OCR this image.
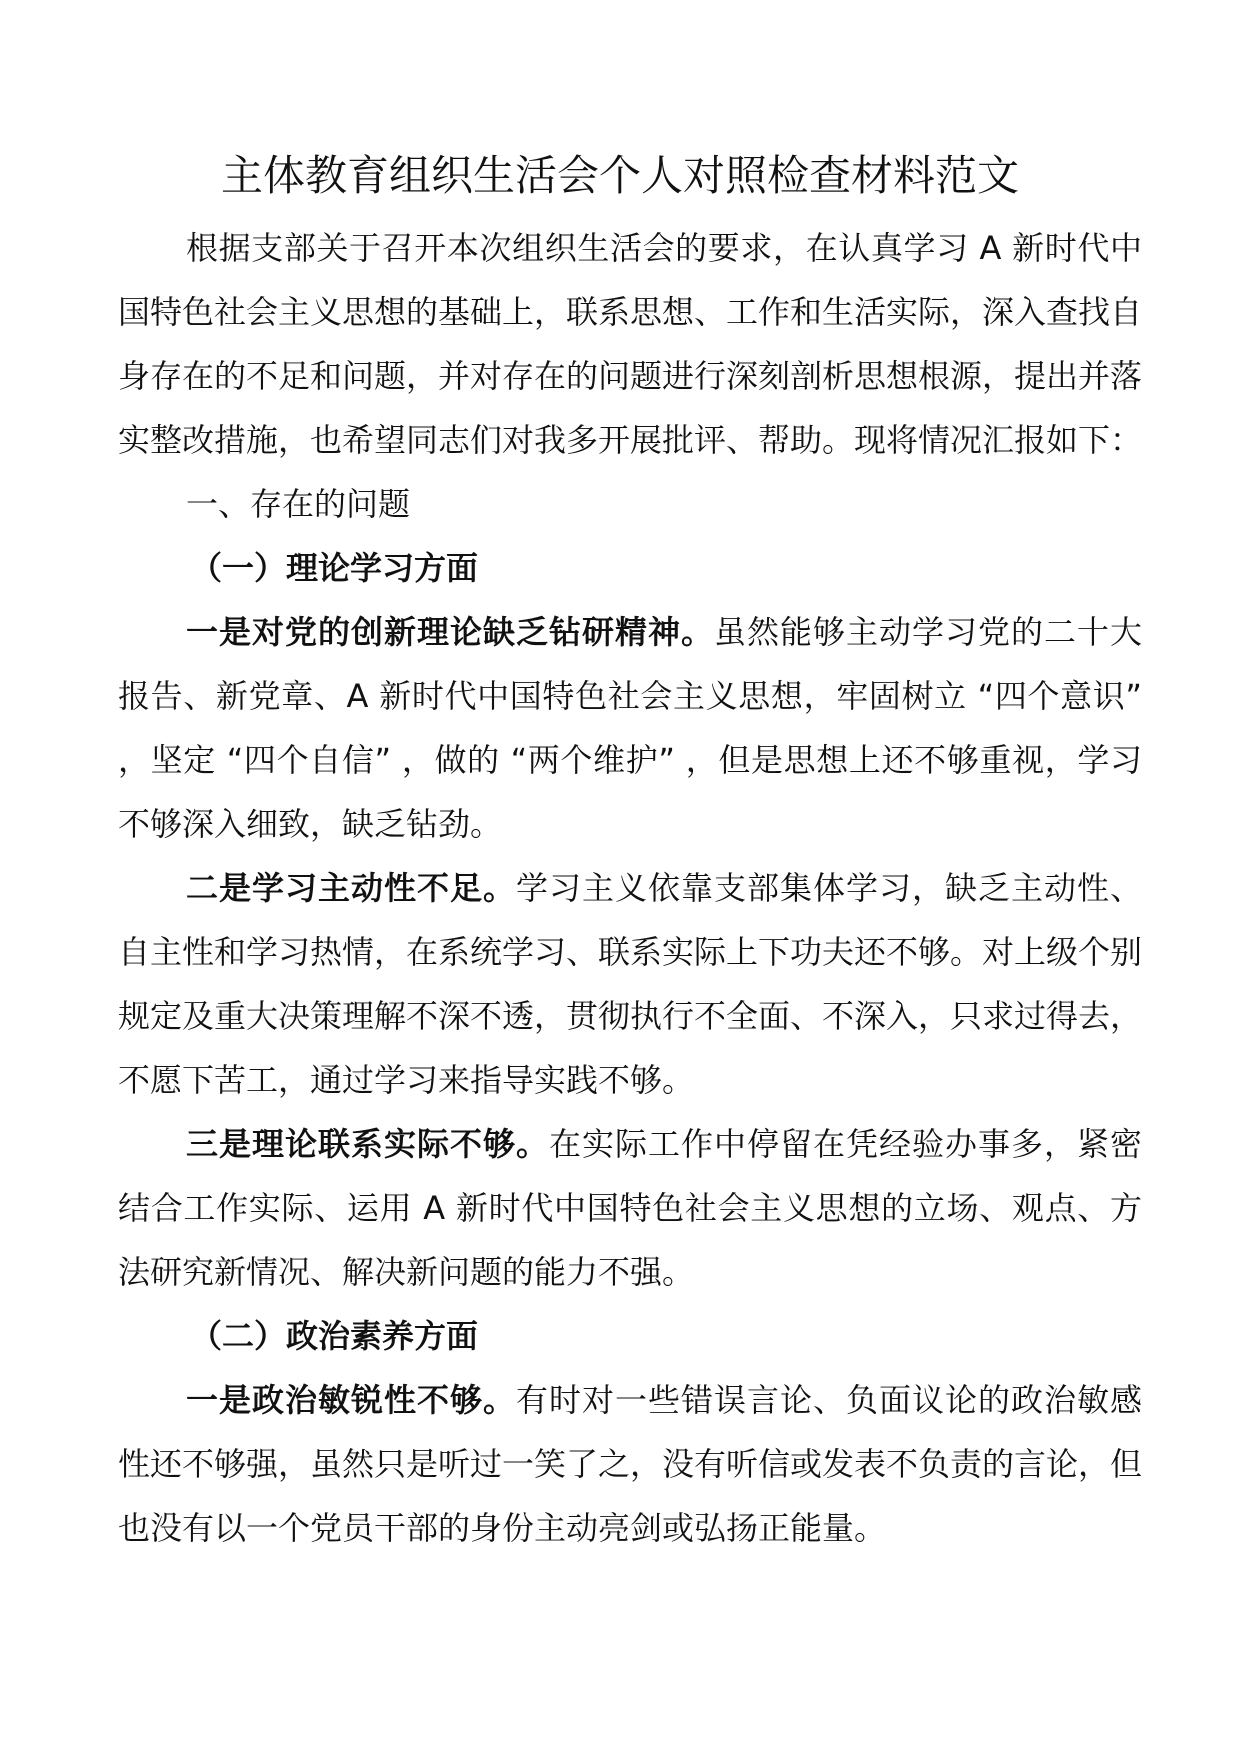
主体教育组织生活会个人对照检查材料范文

根据支部关于召开本次组织生活会的要求，在认真学习 A 新时代中国特色社会主义思想的基础上，联系思想、工作和生活实际，深入查找自身存在的不足和问题，并对存在的问题进行深刻剖析思想根源，提出并落实整改措施，也希望同志们对我多开展批评、帮助。现将情况汇报如下：

一、存在的问题

（一）理论学习方面

一是对党的创新理论缺乏钻研精神。虽然能够主动学习党的二十大报告、新党章、A 新时代中国特色社会主义思想，牢固树立 “四个意识” ，坚定 “四个自信” ，做的 “两个维护” ，但是思想上还不够重视，学习不够深入细致，缺乏钻劲。

二是学习主动性不足。学习主义依靠支部集体学习，缺乏主动性、自主性和学习热情，在系统学习、联系实际上下功夫还不够。对上级个别规定及重大决策理解不深不透，贯彻执行不全面、不深入，只求过得去，不愿下苦工，通过学习来指导实践不够。

三是理论联系实际不够。在实际工作中停留在凭经验办事多，紧密结合工作实际、运用 A 新时代中国特色社会主义思想的立场、观点、方法研究新情况、解决新问题的能力不强。

（二）政治素养方面

一是政治敏锐性不够。有时对一些错误言论、负面议论的政治敏感性还不够强，虽然只是听过一笑了之，没有听信或发表不负责的言论，但也没有以一个党员干部的身份主动亮剑或弘扬正能量。
